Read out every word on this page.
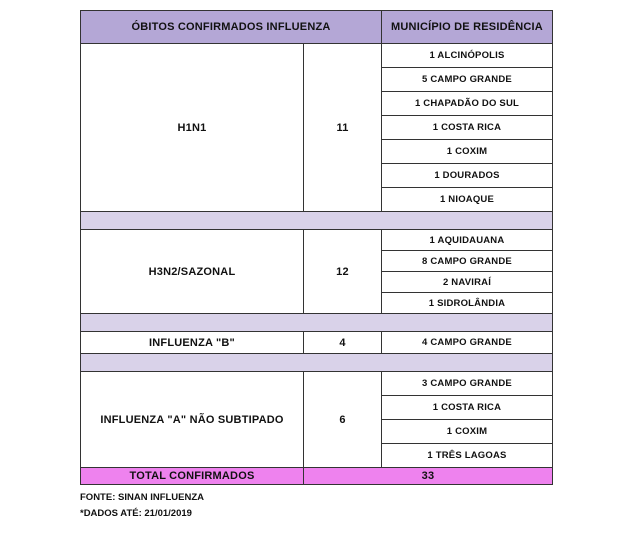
ÓBITOS CONFIRMADOS INFLUENZA		MUNICÍPIO DE RESIDÊNCIA
H1N1	11	1 ALCINÓPOLIS
		5 CAMPO GRANDE
		1 CHAPADÃO DO SUL
		1 COSTA RICA
		1 COXIM
		1 DOURADOS
		1 NIOAQUE

H3N2/SAZONAL	12	1 AQUIDAUANA
		8 CAMPO GRANDE
		2 NAVIRAÍ
		1 SIDROLÂNDIA

INFLUENZA "B"	4	4 CAMPO GRANDE

INFLUENZA "A" NÃO SUBTIPADO	6	3 CAMPO GRANDE
		1 COSTA RICA
		1 COXIM
		1 TRÊS LAGOAS
TOTAL CONFIRMADOS	33	
FONTE: SINAN INFLUENZA
*DADOS ATÉ: 21/01/2019
